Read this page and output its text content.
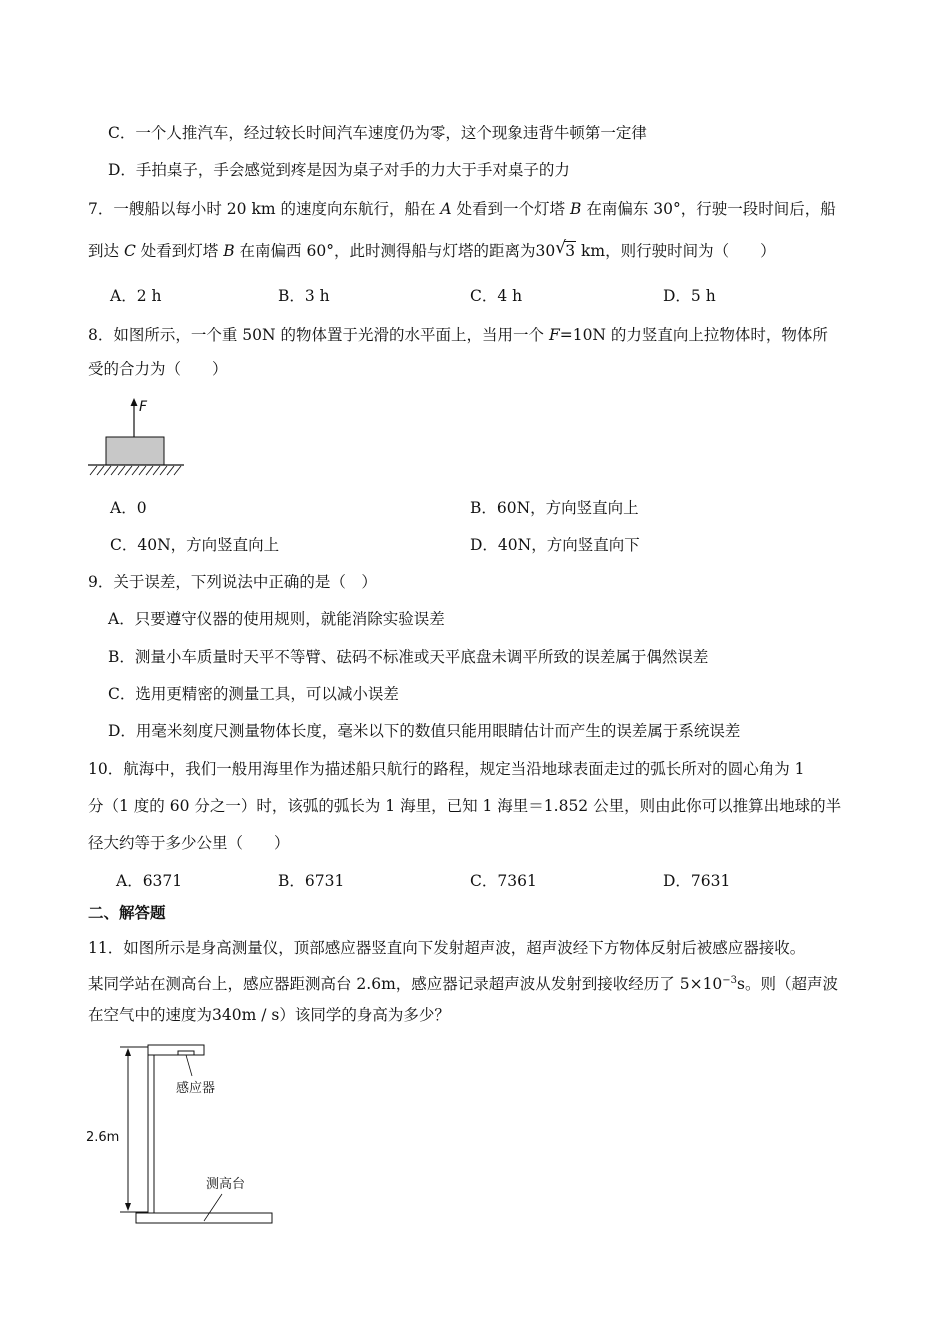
C．一个人推汽车，经过较长时间汽车速度仍为零，这个现象违背牛顿第一定律
D．手拍桌子，手会感觉到疼是因为桌子对手的力大于手对桌子的力
7．一艘船以每小时 20 km 的速度向东航行，船在 A 处看到一个灯塔 B 在南偏东 30°，行驶一段时间后，船
到达 C 处看到灯塔 B 在南偏西 60°，此时测得船与灯塔的距离为30 √ 3 km，则行驶时间为（　　）
A．2 h	B．3 h	C．4 h	D．5 h
8．如图所示，一个重 50N 的物体置于光滑的水平面上，当用一个 F=10N 的力竖直向上拉物体时，物体所
受的合力为（　　）
F
A．0	B．60N，方向竖直向上
C．40N，方向竖直向上	D．40N，方向竖直向下
9．关于误差，下列说法中正确的是（　）
A．只要遵守仪器的使用规则，就能消除实验误差
B．测量小车质量时天平不等臂、砝码不标准或天平底盘未调平所致的误差属于偶然误差
C．选用更精密的测量工具，可以减小误差
D．用毫米刻度尺测量物体长度，毫米以下的数值只能用眼睛估计而产生的误差属于系统误差
10．航海中，我们一般用海里作为描述船只航行的路程，规定当沿地球表面走过的弧长所对的圆心角为 1
分（1 度的 60 分之一）时，该弧的弧长为 1 海里，已知 1 海里＝1.852 公里，则由此你可以推算出地球的半
径大约等于多少公里（　　）
A．6371	B．6731	C．7361	D．7631
二、解答题
11．如图所示是身高测量仪，顶部感应器竖直向下发射超声波，超声波经下方物体反射后被感应器接收。
某同学站在测高台上，感应器距测高台 2.6m，感应器记录超声波从发射到接收经历了 $5\times 10^{-3}s$。则（超声波
在空气中的速度为340m / s）该同学的身高为多少？
2.6m
感应器
测高台
